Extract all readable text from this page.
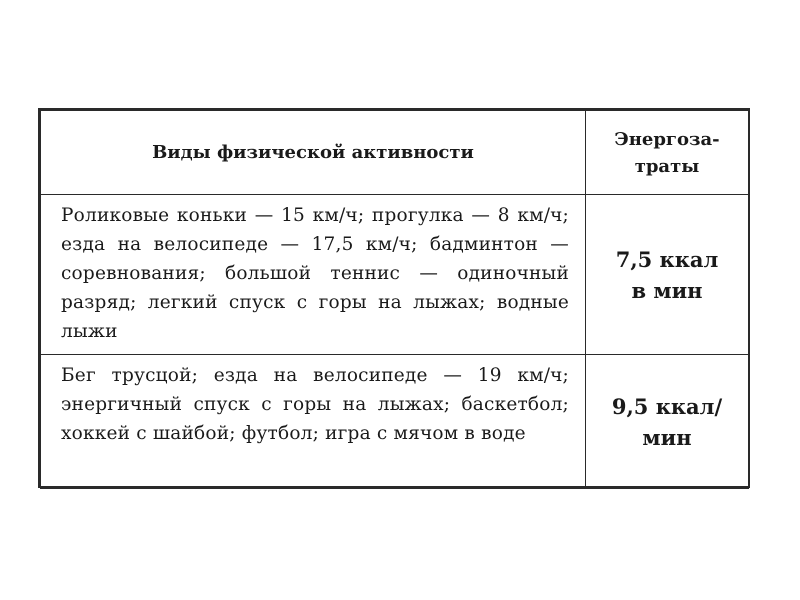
Виды физической активности	Энергоза-
траты

Роликовые коньки — 15 км/ч; прогулка — 8 км/ч; езда на велосипеде — 17,5 км/ч; бадминтон — соревнования; большой теннис — одиночный разряд; легкий спуск с горы на лыжах; водные лыжи	7,5 ккал
в мин

Бег трусцой; езда на велосипеде — 19 км/ч; энергичный спуск с горы на лыжах; баскетбол; хоккей с шайбой; футбол; игра с мячом в воде	9,5 ккал/
мин
